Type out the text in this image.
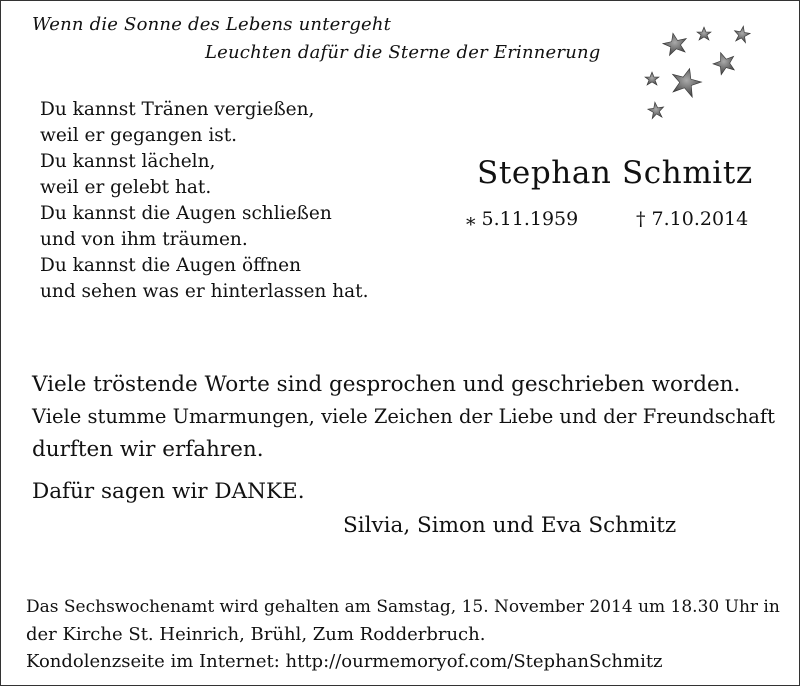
Wenn die Sonne des Lebens untergeht
Leuchten dafür die Sterne der Erinnerung
Du kannst Tränen vergießen,
weil er gegangen ist.
Du kannst lächeln,
weil er gelebt hat.
Du kannst die Augen schließen
und von ihm träumen.
Du kannst die Augen öffnen
und sehen was er hinterlassen hat.
Stephan Schmitz
⁎ 5.11.1959	† 7.10.2014
Viele tröstende Worte sind gesprochen und geschrieben worden.
Viele stumme Umarmungen, viele Zeichen der Liebe und der Freundschaft
durften wir erfahren.
Dafür sagen wir DANKE.
Silvia, Simon und Eva Schmitz
Das Sechswochenamt wird gehalten am Samstag, 15. November 2014 um 18.30 Uhr in
der Kirche St. Heinrich, Brühl, Zum Rodderbruch.
Kondolenzseite im Internet: http://ourmemoryof.com/StephanSchmitz
